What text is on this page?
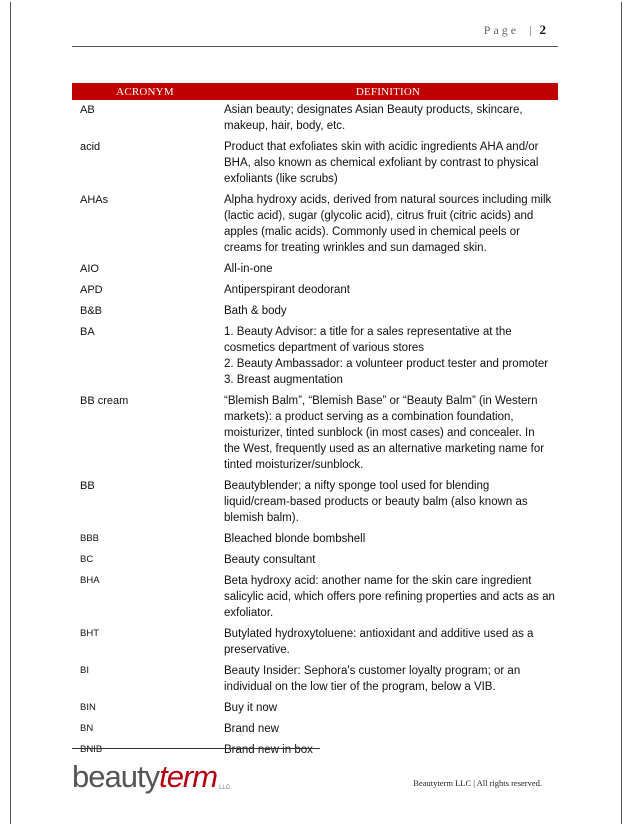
Page | 2
ACRONYM	DEFINITION
AB	Asian beauty; designates Asian Beauty products, skincare,
makeup, hair, body, etc.
acid	Product that exfoliates skin with acidic ingredients AHA and/or
BHA, also known as chemical exfoliant by contrast to physical
exfoliants (like scrubs)
AHAs	Alpha hydroxy acids, derived from natural sources including milk
(lactic acid), sugar (glycolic acid), citrus fruit (citric acids) and
apples (malic acids). Commonly used in chemical peels or
creams for treating wrinkles and sun damaged skin.
AIO	All-in-one
APD	Antiperspirant deodorant
B&B	Bath & body
BA	1. Beauty Advisor: a title for a sales representative at the
cosmetics department of various stores
2. Beauty Ambassador: a volunteer product tester and promoter
3. Breast augmentation
BB cream	“Blemish Balm”, “Blemish Base” or “Beauty Balm” (in Western
markets): a product serving as a combination foundation,
moisturizer, tinted sunblock (in most cases) and concealer. In
the West, frequently used as an alternative marketing name for
tinted moisturizer/sunblock.
BB	Beautyblender; a nifty sponge tool used for blending
liquid/cream-based products or beauty balm (also known as
blemish balm).
BBB	Bleached blonde bombshell
BC	Beauty consultant
BHA	Beta hydroxy acid: another name for the skin care ingredient
salicylic acid, which offers pore refining properties and acts as an
exfoliator.
BHT	Butylated hydroxytoluene: antioxidant and additive used as a
preservative.
BI	Beauty Insider: Sephora's customer loyalty program; or an
individual on the low tier of the program, below a VIB.
BIN	Buy it now
BN	Brand new
BNIB	Brand new in box
beauty term LLC	Beautyterm LLC | All rights reserved.
